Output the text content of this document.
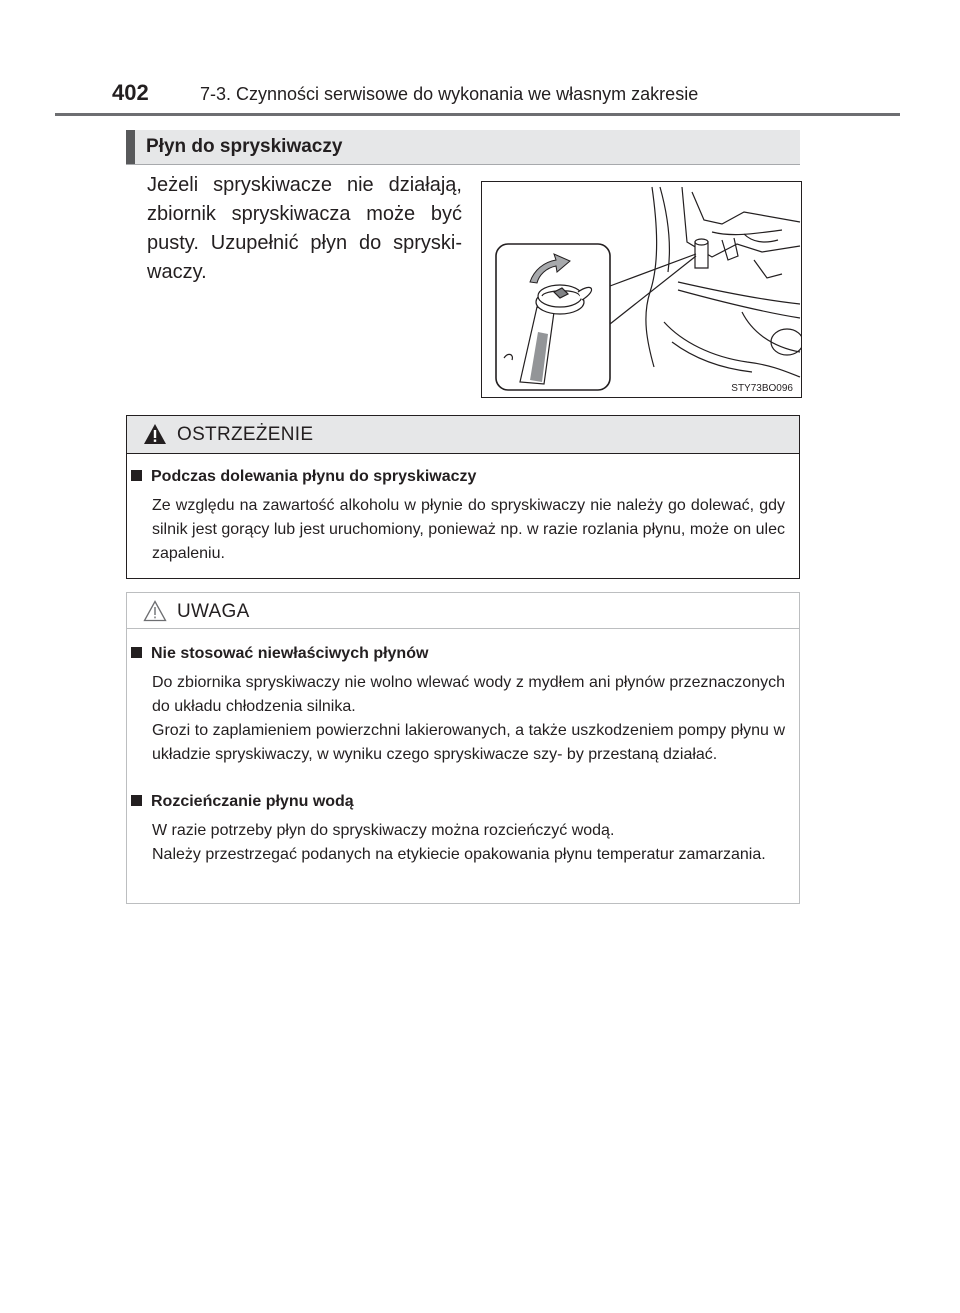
402	7-3. Czynności serwisowe do wykonania we własnym zakresie
Płyn do spryskiwaczy
Jeżeli spryskiwacze nie działają, zbiornik spryskiwacza może być pusty. Uzupełnić płyn do spryski- waczy.
STY73BO096
OSTRZEŻENIE
Podczas dolewania płynu do spryskiwaczy

Ze względu na zawartość alkoholu w płynie do spryskiwaczy nie należy go dolewać, gdy silnik jest gorący lub jest uruchomiony, ponieważ np. w razie rozlania płynu, może on ulec zapaleniu.

UWAGA
Nie stosować niewłaściwych płynów

Do zbiornika spryskiwaczy nie wolno wlewać wody z mydłem ani płynów przeznaczonych do układu chłodzenia silnika.

Grozi to zaplamieniem powierzchni lakierowanych, a także uszkodzeniem pompy płynu w układzie spryskiwaczy, w wyniku czego spryskiwacze szy- by przestaną działać.

Rozcieńczanie płynu wodą

W razie potrzeby płyn do spryskiwaczy można rozcieńczyć wodą.

Należy przestrzegać podanych na etykiecie opakowania płynu temperatur zamarzania.
